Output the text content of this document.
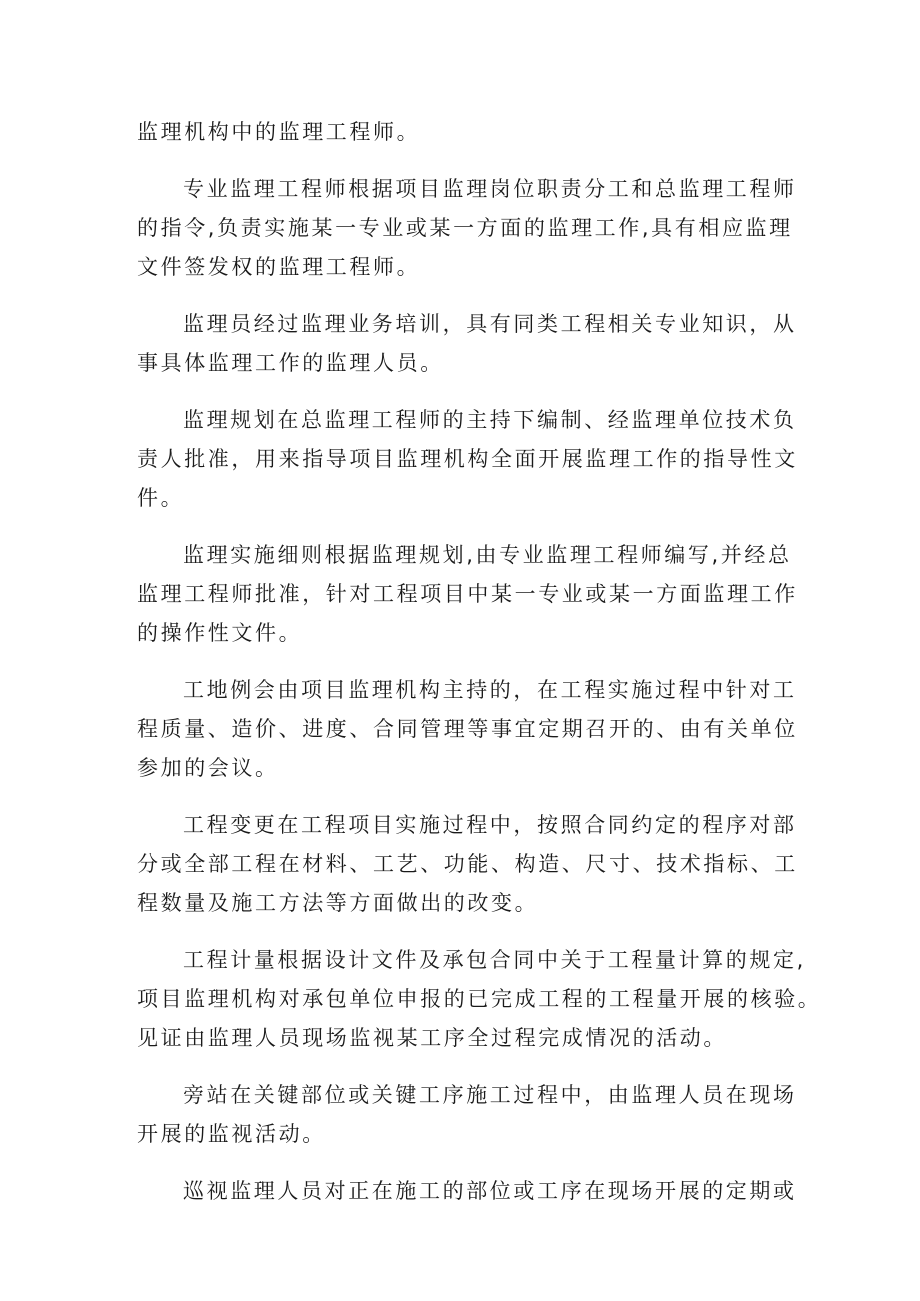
监理机构中的监理工程师。

专业监理工程师根据项目监理岗位职责分工和总监理工程师
的指令,负责实施某一专业或某一方面的监理工作,具有相应监理
文件签发权的监理工程师。

监理员经过监理业务培训，具有同类工程相关专业知识，从
事具体监理工作的监理人员。

监理规划在总监理工程师的主持下编制、经监理单位技术负
责人批准，用来指导项目监理机构全面开展监理工作的指导性文
件。

监理实施细则根据监理规划,由专业监理工程师编写,并经总
监理工程师批准，针对工程项目中某一专业或某一方面监理工作
的操作性文件。

工地例会由项目监理机构主持的，在工程实施过程中针对工
程质量、造价、进度、合同管理等事宜定期召开的、由有关单位
参加的会议。

工程变更在工程项目实施过程中，按照合同约定的程序对部
分或全部工程在材料、工艺、功能、构造、尺寸、技术指标、工
程数量及施工方法等方面做出的改变。

工程计量根据设计文件及承包合同中关于工程量计算的规定,
项目监理机构对承包单位申报的已完成工程的工程量开展的核验。
见证由监理人员现场监视某工序全过程完成情况的活动。

旁站在关键部位或关键工序施工过程中，由监理人员在现场
开展的监视活动。

巡视监理人员对正在施工的部位或工序在现场开展的定期或
